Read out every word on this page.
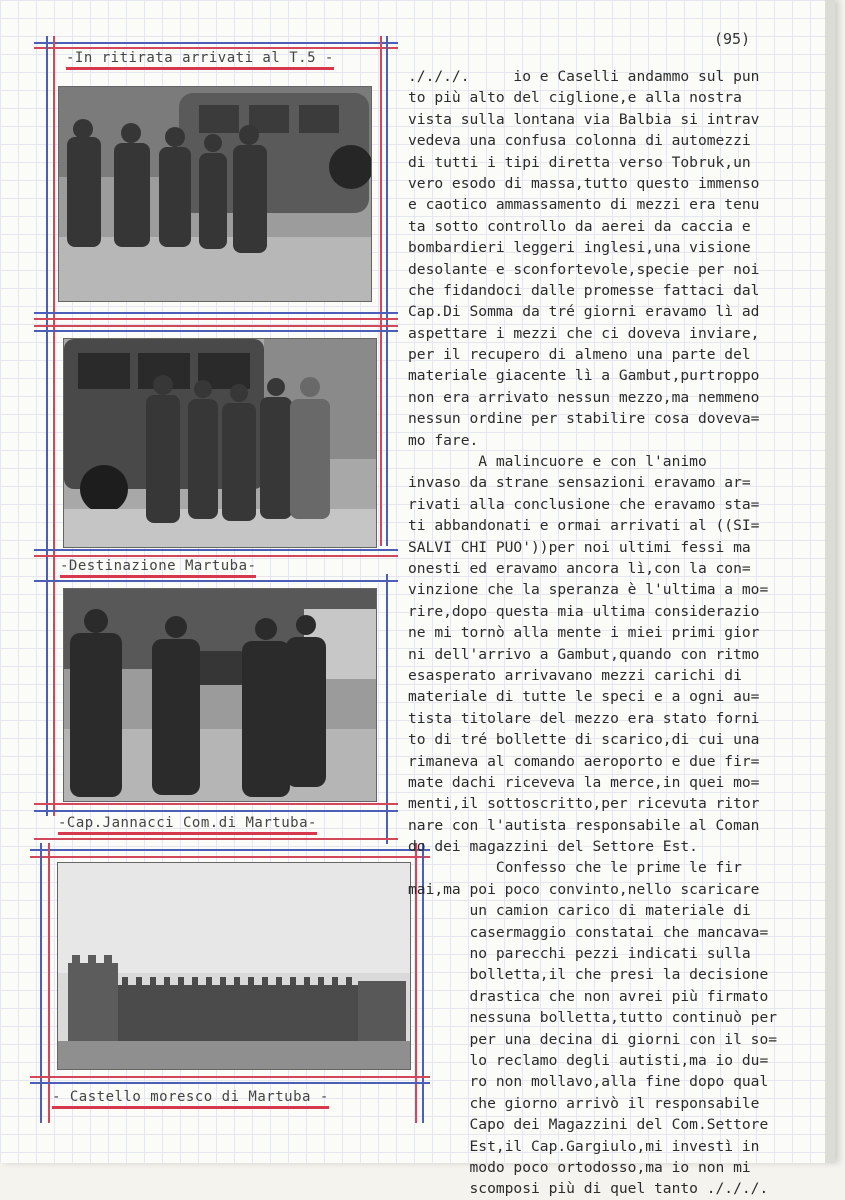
(95)
-In ritirata arrivati al T.5 -
-Destinazione Martuba-
-Cap.Jannacci Com.di Martuba-
- Castello moresco di Martuba -
./././.     io e Caselli andammo sul pun
to più alto del ciglione,e alla nostra
vista sulla lontana via Balbia si intrav
vedeva una confusa colonna di automezzi
di tutti i tipi diretta verso Tobruk,un
vero esodo di massa,tutto questo immenso
e caotico ammassamento di mezzi era tenu
ta sotto controllo da aerei da caccia e
bombardieri leggeri inglesi,una visione
desolante e sconfortevole,specie per noi
che fidandoci dalle promesse fattaci dal
Cap.Di Somma da tré giorni eravamo lì ad
aspettare i mezzi che ci doveva inviare,
per il recupero di almeno una parte del
materiale giacente lì a Gambut,purtroppo
non era arrivato nessun mezzo,ma nemmeno
nessun ordine per stabilire cosa doveva=
mo fare.
A malincuore e con l'animo
invaso da strane sensazioni eravamo ar=
rivati alla conclusione che eravamo sta=
ti abbandonati e ormai arrivati al ((SI=
SALVI CHI PUO'))per noi ultimi fessi ma
onesti ed eravamo ancora lì,con la con=
vinzione che la speranza è l'ultima a mo=
rire,dopo questa mia ultima considerazio
ne mi tornò alla mente i miei primi gior
ni dell'arrivo a Gambut,quando con ritmo
esasperato arrivavano mezzi carichi di
materiale di tutte le speci e a ogni au=
tista titolare del mezzo era stato forni
to di tré bollette di scarico,di cui una
rimaneva al comando aeroporto e due fir=
mate dachi riceveva la merce,in quei mo=
menti,il sottoscritto,per ricevuta ritor
nare con l'autista responsabile al Coman
do dei magazzini del Settore Est.
Confesso che le prime le fir
mai,ma poi poco convinto,nello scaricare
un camion carico di materiale di
casermaggio constatai che mancava=
no parecchi pezzi indicati sulla
bolletta,il che presi la decisione
drastica che non avrei più firmato
nessuna bolletta,tutto continuò per
per una decina di giorni con il so=
lo reclamo degli autisti,ma io du=
ro non mollavo,alla fine dopo qual
che giorno arrivò il responsabile
Capo dei Magazzini del Com.Settore
Est,il Cap.Gargiulo,mi investì in
modo poco ortodosso,ma io non mi
scomposi più di quel tanto ./././.
